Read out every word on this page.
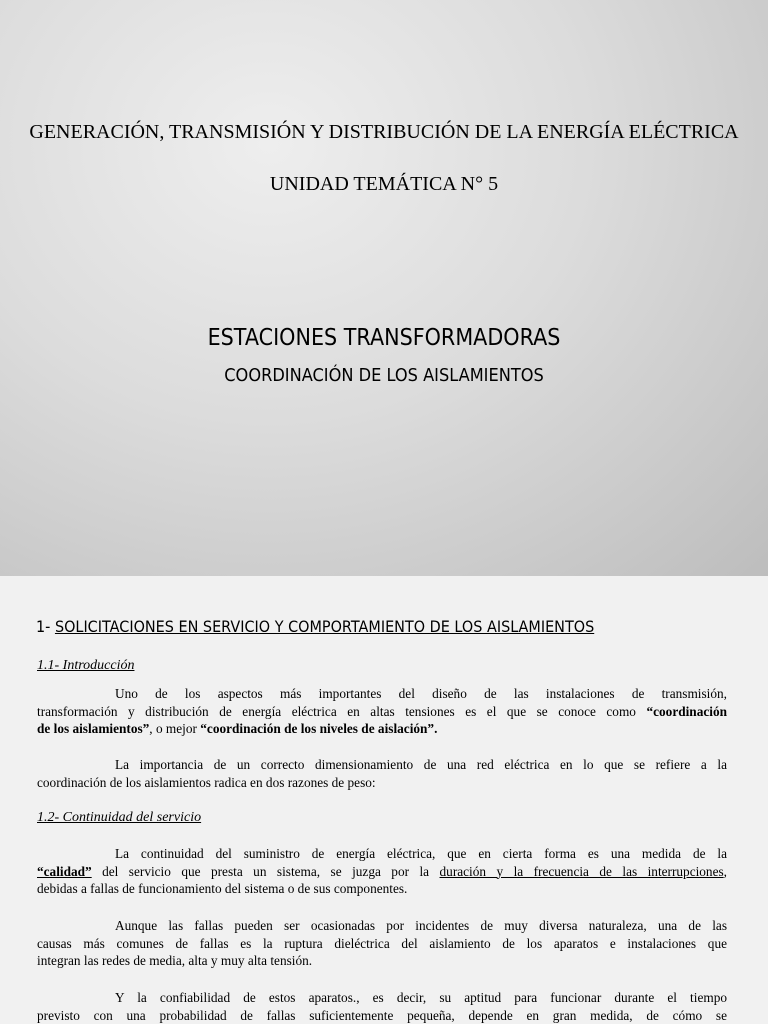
GENERACIÓN, TRANSMISIÓN Y DISTRIBUCIÓN DE LA ENERGÍA ELÉCTRICA
UNIDAD TEMÁTICA N° 5
ESTACIONES TRANSFORMADORAS
COORDINACIÓN DE LOS AISLAMIENTOS
1- SOLICITACIONES EN SERVICIO Y COMPORTAMIENTO DE LOS AISLAMIENTOS
1.1- Introducción
Uno de los aspectos más importantes del diseño de las instalaciones de transmisión,
transformación y distribución de energía eléctrica en altas tensiones es el que se conoce como “coordinación
de los aislamientos”, o mejor “coordinación de los niveles de aislación”.
La importancia de un correcto dimensionamiento de una red eléctrica en lo que se refiere a la
coordinación de los aislamientos radica en dos razones de peso:
1.2- Continuidad del servicio
La continuidad del suministro de energía eléctrica, que en cierta forma es una medida de la
“calidad” del servicio que presta un sistema, se juzga por la duración y la frecuencia de las interrupciones,
debidas a fallas de funcionamiento del sistema o de sus componentes.
Aunque las fallas pueden ser ocasionadas por incidentes de muy diversa naturaleza, una de las
causas más comunes de fallas es la ruptura dieléctrica del aislamiento de los aparatos e instalaciones que
integran las redes de media, alta y muy alta tensión.
Y la confiabilidad de estos aparatos., es decir, su aptitud para funcionar durante el tiempo
previsto con una probabilidad de fallas suficientemente pequeña, depende en gran medida, de cómo se
